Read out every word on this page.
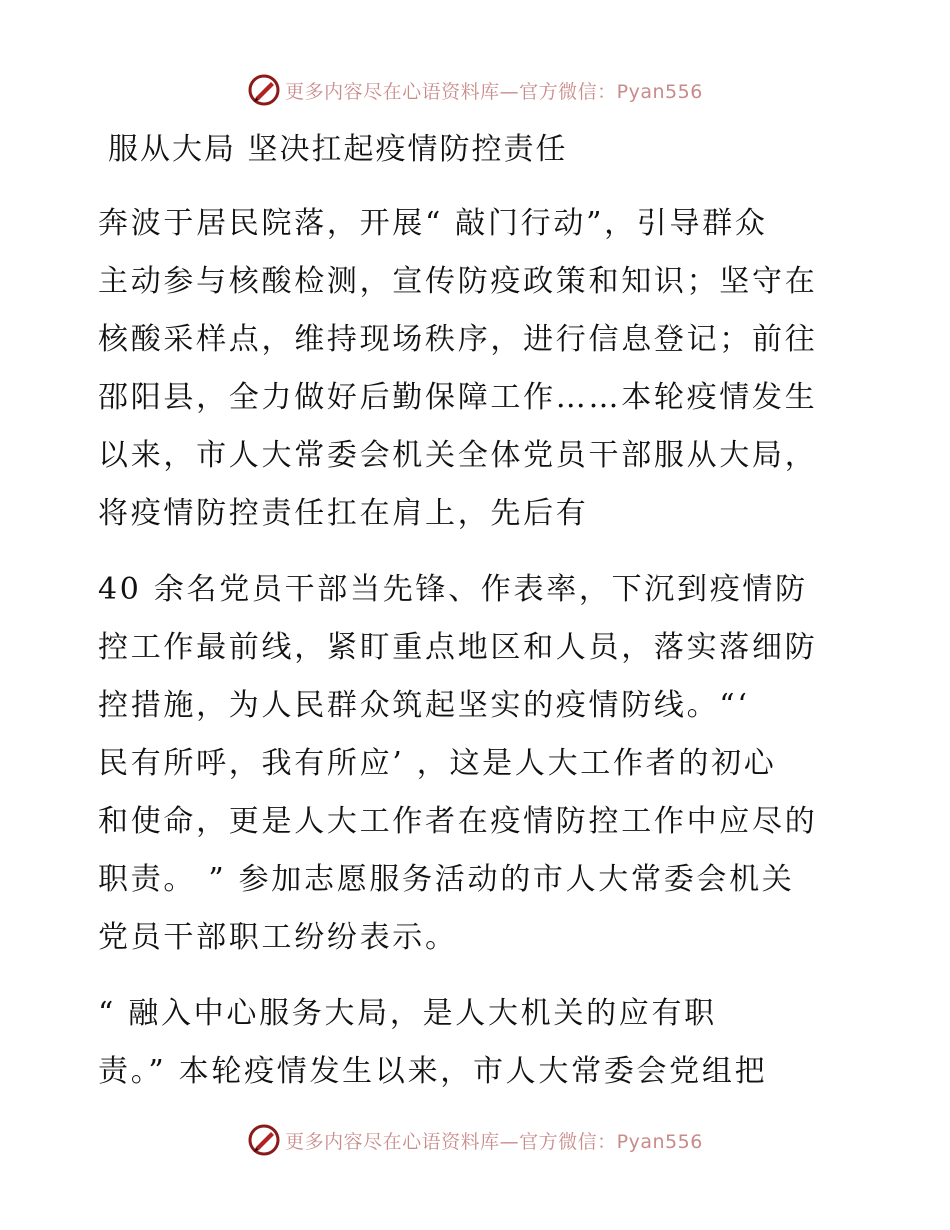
更多内容尽在心语资料库—官方微信：Pyan556
服从大局 坚决扛起疫情防控责任

奔波于居民院落，开展“ 敲门行动”，引导群众

主动参与核酸检测，宣传防疫政策和知识；坚守在

核酸采样点，维持现场秩序，进行信息登记；前往

邵阳县，全力做好后勤保障工作……本轮疫情发生

以来，市人大常委会机关全体党员干部服从大局，

将疫情防控责任扛在肩上，先后有

40 余名党员干部当先锋、作表率，下沉到疫情防

控工作最前线，紧盯重点地区和人员，落实落细防

控措施，为人民群众筑起坚实的疫情防线。“‘

民有所呼，我有所应’ ，这是人大工作者的初心

和使命，更是人大工作者在疫情防控工作中应尽的

职责。 ” 参加志愿服务活动的市人大常委会机关

党员干部职工纷纷表示。

“ 融入中心服务大局，是人大机关的应有职

责。” 本轮疫情发生以来，市人大常委会党组把

更多内容尽在心语资料库—官方微信：Pyan556
